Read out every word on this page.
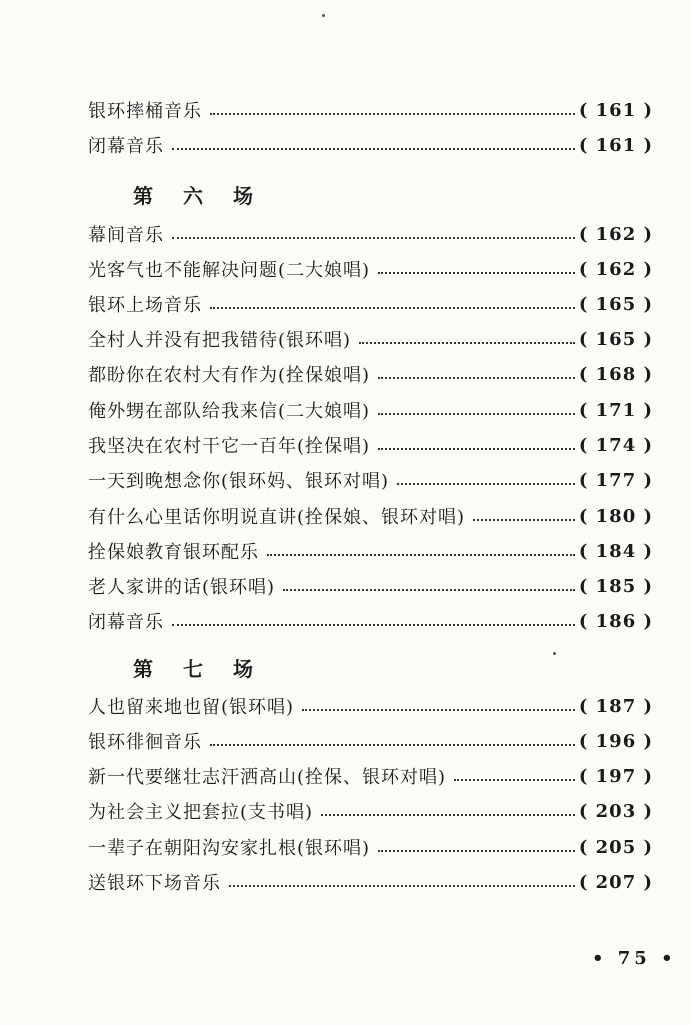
银环摔桶音乐	( 161 )
闭幕音乐	( 161 )
第六场
幕间音乐	( 162 )
光客气也不能解决问题(二大娘唱)	( 162 )
银环上场音乐	( 165 )
全村人并没有把我错待(银环唱)	( 165 )
都盼你在农村大有作为(拴保娘唱)	( 168 )
俺外甥在部队给我来信(二大娘唱)	( 171 )
我坚决在农村干它一百年(拴保唱)	( 174 )
一天到晚想念你(银环妈、银环对唱)	( 177 )
有什么心里话你明说直讲(拴保娘、银环对唱)	( 180 )
拴保娘教育银环配乐	( 184 )
老人家讲的话(银环唱)	( 185 )
闭幕音乐	( 186 )
第七场
人也留来地也留(银环唱)	( 187 )
银环徘徊音乐	( 196 )
新一代要继壮志汗洒高山(拴保、银环对唱)	( 197 )
为社会主义把套拉(支书唱)	( 203 )
一辈子在朝阳沟安家扎根(银环唱)	( 205 )
送银环下场音乐	( 207 )
• 75 •
